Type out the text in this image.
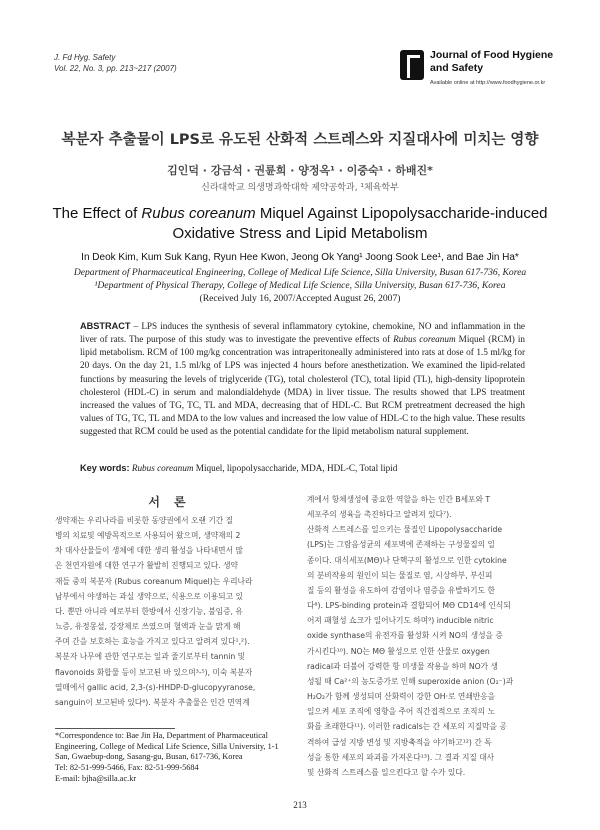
J. Fd Hyg. Safety
Vol. 22, No. 3, pp. 213~217 (2007)
Journal of Food Hygiene
and Safety
Available online at http://www.foodhygiene.or.kr
복분자 추출물이 LPS로 유도된 산화적 스트레스와 지질대사에 미치는 영향
김인덕 · 강금석 · 권륜희 · 양정옥¹ · 이중숙¹ · 하배진*
신라대학교 의생명과학대학 제약공학과, ¹체육학부
The Effect of Rubus coreanum Miquel Against Lipopolysaccharide-induced
Oxidative Stress and Lipid Metabolism
In Deok Kim, Kum Suk Kang, Ryun Hee Kwon, Jeong Ok Yang¹ Joong Sook Lee¹, and Bae Jin Ha*
Department of Pharmaceutical Engineering, College of Medical Life Science, Silla University, Busan 617-736, Korea
¹Department of Physical Therapy, College of Medical Life Science, Silla University, Busan 617-736, Korea
(Received July 16, 2007/Accepted August 26, 2007)
ABSTRACT – LPS induces the synthesis of several inflammatory cytokine, chemokine, NO and inflammation in the liver of rats. The purpose of this study was to investigate the preventive effects of Rubus coreanum Miquel (RCM) in lipid metabolism. RCM of 100 mg/kg concentration was intraperitoneally administered into rats at dose of 1.5 ml/kg for 20 days. On the day 21, 1.5 ml/kg of LPS was injected 4 hours before anesthetization. We examined the lipid-related functions by measuring the levels of triglyceride (TG), total cholesterol (TC), total lipid (TL), high-density lipoprotein cholesterol (HDL-C) in serum and malondialdehyde (MDA) in liver tissue. The results showed that LPS treatment increased the values of TG, TC, TL and MDA, decreasing that of HDL-C. But RCM pretreatment decreased the high values of TG, TC, TL and MDA to the low values and increased the low value of HDL-C to the high value. These results suggested that RCM could be used as the potential candidate for the lipid metabolism natural supplement.
Key words: Rubus coreanum Miquel, lipopolysaccharide, MDA, HDL-C, Total lipid
서론
생약재는 우리나라를 비롯한 동양권에서 오랜 기간 질
병의 치료및 예방목적으로 사용되어 왔으며, 생약재의 2
차 대사산물들이 생체에 대한 생리 활성을 나타내면서 많
은 천연자원에 대한 연구가 활발히 진행되고 있다. 생약
재들 중의 복분자 (Rubus coreanum Miquel)는 우리나라
남부에서 야생하는 과실 생약으로, 식용으로 이용되고 있
다. 뿐만 아니라 예로부터 한방에서 신장기능, 불임증, 유
뇨증, 유정몽설, 강장제로 쓰였으며 혈액과 눈을 맑게 해
주며 간을 보호하는 효능을 가지고 있다고 알려져 있다¹,²).
복분자 나무에 관한 연구로는 잎과 줄기로부터 tannin 및
flavonoids 화합물 등이 보고된 바 있으며³-⁵), 미숙 복분자
열매에서 gallic acid, 2,3-(s)-HHDP-D-glucopyyranose,
sanguin이 보고된바 있다⁶). 복분자 추출물은 인간 면역계
계에서 항체생성에 중요한 역할을 하는 인간 B세포와 T
세포주의 생육을 촉진하다고 알려져 있다⁷).
산화적 스트레스를 일으키는 물질인 Lipopolysaccharide
(LPS)는 그람음성균의 세포벽에 존재하는 구성물질의 일
종이다. 대식세포(MΘ)나 단핵구의 활성으로 인한 cytokine
의 분비작용의 원인이 되는 물질로 염, 시상하부, 부신피
질 등의 활성을 유도하여 감염이나 염증을 유발하기도 한
다⁸). LPS-binding protein과 결합되어 MΘ CD14에 인식되
어져 패혈성 쇼크가 일어나기도 하며⁹) inducible nitric
oxide synthase의 유전자를 활성화 시켜 NO의 생성을 증
가시킨다¹⁰). NO는 MΘ 활성으로 인한 산물로 oxygen
radical과 더불어 강력한 항 미생물 작용을 하며 NO가 생
성될 때 Ca²⁺의 농도증가로 인해 superoxide anion (O₂⁻)과
H₂O₂가 함께 생성되며 산화력이 강한 OH·로 연쇄반응을
일으켜 세포 조직에 영향을 주어 직간접적으로 조직의 노
화를 초래한다¹¹). 이러한 radicals는 간 세포의 지질막을 공
격하여 급성 지방 변성 및 지방축적을 야기하고¹²) 간 독
성을 통한 세포의 파괴를 가져온다¹³). 그 결과 지질 대사
및 산화적 스트레스를 일으킨다고 할 수가 있다.
*Correspondence to: Bae Jin Ha, Department of Pharmaceutical
Engineering, College of Medical Life Science, Silla University, 1-1
San, Gwaebup-dong, Sasang-gu, Busan, 617-736, Korea
Tel: 82-51-999-5466, Fax: 82-51-999-5684
E-mail: bjha@silla.ac.kr
213
